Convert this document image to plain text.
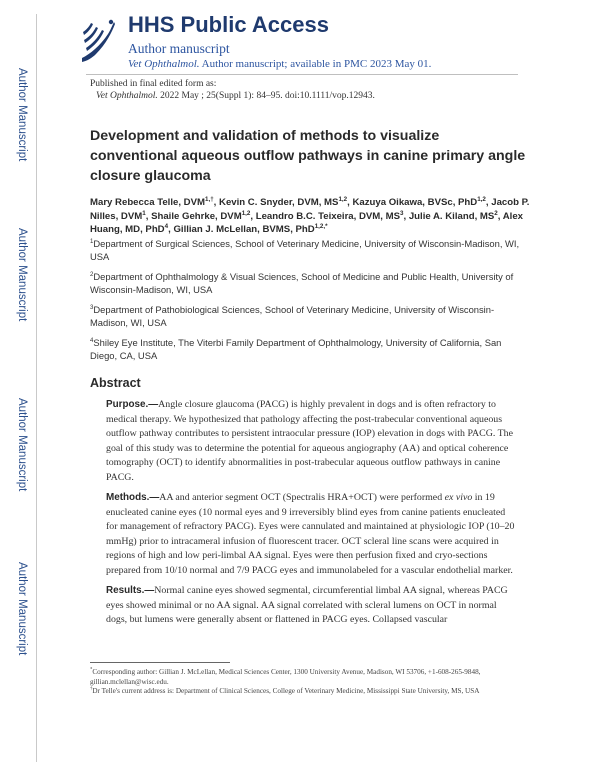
Author Manuscript
Author Manuscript
Author Manuscript
Author Manuscript
HHS Public Access
Author manuscript
Vet Ophthalmol. Author manuscript; available in PMC 2023 May 01.
Published in final edited form as:
Vet Ophthalmol. 2022 May ; 25(Suppl 1): 84–95. doi:10.1111/vop.12943.
Development and validation of methods to visualize conventional aqueous outflow pathways in canine primary angle closure glaucoma
Mary Rebecca Telle, $DVM^{1,\dagger}$, Kevin C. Snyder, DVM, MS$^{1,2}$, Kazuya Oikawa, BVSc, PhD$^{1,2}$, Jacob P. Nilles, DVM$^1$, Shaile Gehrke, DVM$^{1,2}$, Leandro B.C. Teixeira, DVM, $MS^3$, Julie A. Kiland, $MS^2$, Alex Huang, MD, PhD$^4$, Gillian J. McLellan, BVMS, PhD$^{1,2,*}$

$^1$Department of Surgical Sciences, School of Veterinary Medicine, University of Wisconsin-Madison, WI, USA

$^2$Department of Ophthalmology & Visual Sciences, School of Medicine and Public Health, University of Wisconsin-Madison, WI, USA

$^3$Department of Pathobiological Sciences, School of Veterinary Medicine, University of Wisconsin-Madison, WI, USA

$^4$Shiley Eye Institute, The Viterbi Family Department of Ophthalmology, University of California, San Diego, CA, USA

Abstract

Purpose.—Angle closure glaucoma (PACG) is highly prevalent in dogs and is often refractory to medical therapy. We hypothesized that pathology affecting the post-trabecular conventional aqueous outflow pathway contributes to persistent intraocular pressure (IOP) elevation in dogs with PACG. The goal of this study was to determine the potential for aqueous angiography (AA) and optical coherence tomography (OCT) to identify abnormalities in post-trabecular aqueous outflow pathways in canine PACG.

Methods.—AA and anterior segment OCT (Spectralis HRA+OCT) were performed ex vivo in 19 enucleated canine eyes (10 normal eyes and 9 irreversibly blind eyes from canine patients enucleated for management of refractory PACG). Eyes were cannulated and maintained at physiologic IOP (10–20 mmHg) prior to intracameral infusion of fluorescent tracer. OCT scleral line scans were acquired in regions of high and low peri-limbal AA signal. Eyes were then perfusion fixed and cryo-sections prepared from 10/10 normal and 7/9 PACG eyes and immunolabeled for a vascular endothelial marker.

Results.—Normal canine eyes showed segmental, circumferential limbal AA signal, whereas PACG eyes showed minimal or no AA signal. AA signal correlated with scleral lumens on OCT in normal dogs, but lumens were generally absent or flattened in PACG eyes. Collapsed vascular

*Corresponding author: Gillian J. McLellan, Medical Sciences Center, 1300 University Avenue, Madison, WI 53706, +1-608-265-9848, gillian.mclellan@wisc.edu.

†Dr Telle's current address is: Department of Clinical Sciences, College of Veterinary Medicine, Mississippi State University, MS, USA
